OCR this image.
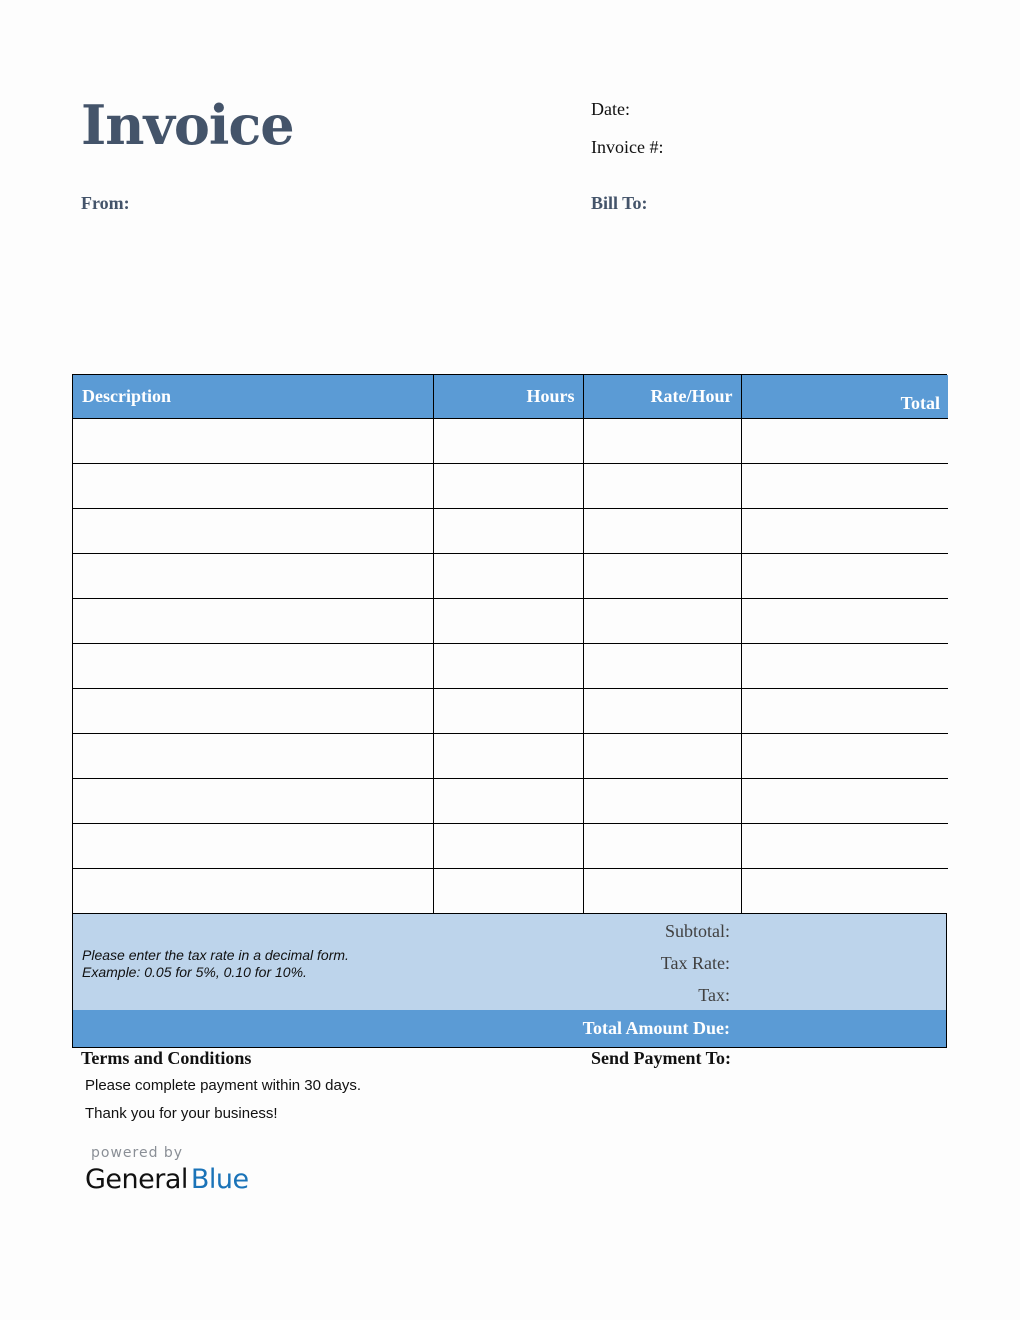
Invoice	Date:
Invoice #:
From:	Bill To:
Description	Hours	Rate/Hour	Total

Please enter the tax rate in a decimal form.
Example: 0.05 for 5%, 0.10 for 10%.
Subtotal:
Tax Rate:
Tax:
Total Amount Due:
Terms and Conditions
Please complete payment within 30 days.
Thank you for your business!
Send Payment To:
powered by
General Blue
